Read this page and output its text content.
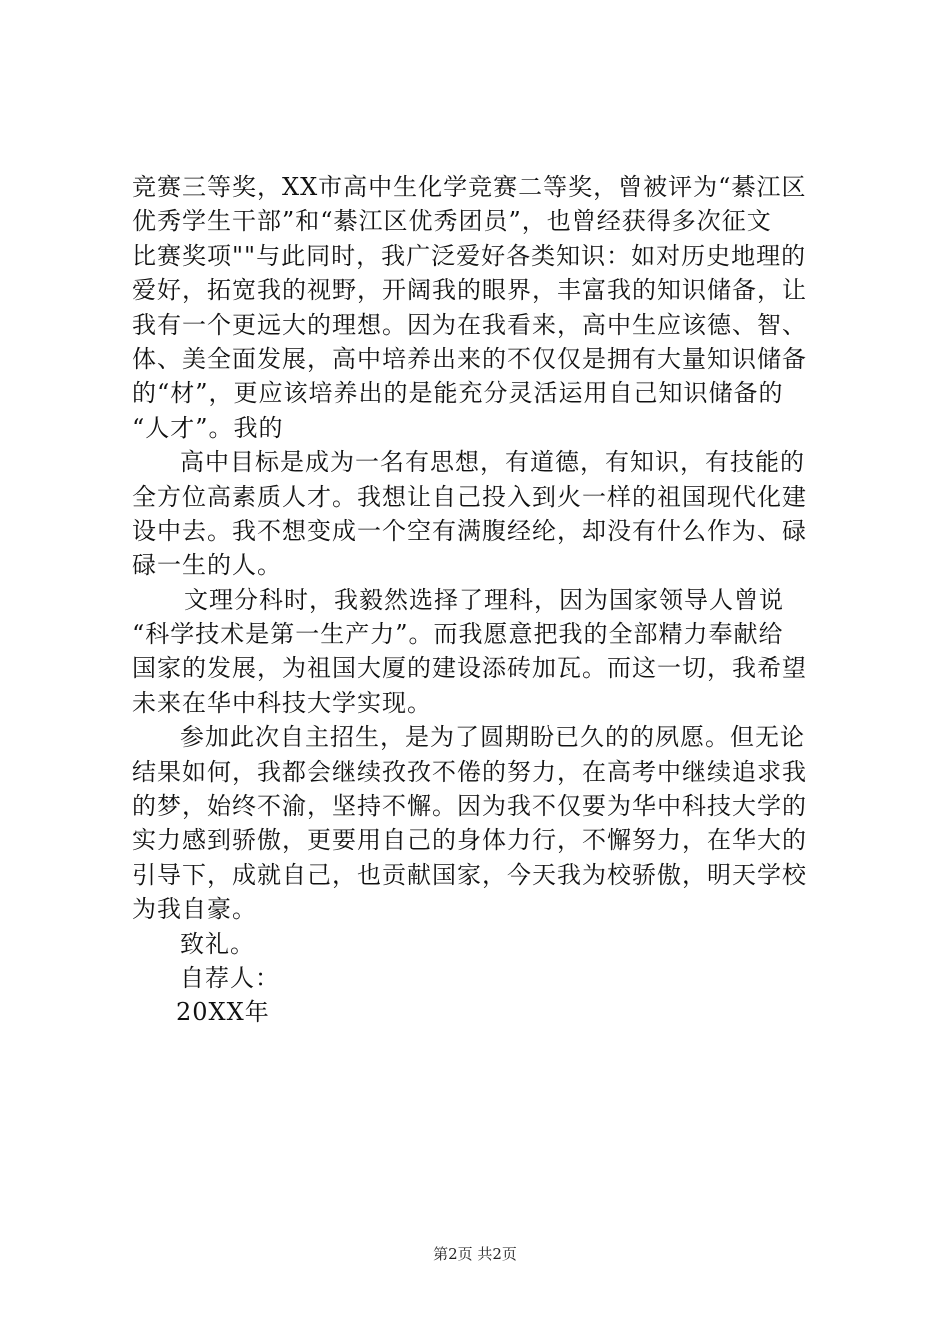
竞赛三等奖，XX市高中生化学竞赛二等奖，曾被评为“綦江区
优秀学生干部”和“綦江区优秀团员”，也曾经获得多次征文
比赛奖项""与此同时，我广泛爱好各类知识：如对历史地理的
爱好，拓宽我的视野，开阔我的眼界，丰富我的知识储备，让
我有一个更远大的理想。因为在我看来，高中生应该德、智、
体、美全面发展，高中培养出来的不仅仅是拥有大量知识储备
的“材”，更应该培养出的是能充分灵活运用自己知识储备的
“人才”。我的
高中目标是成为一名有思想，有道德，有知识，有技能的
全方位高素质人才。我想让自己投入到火一样的祖国现代化建
设中去。我不想变成一个空有满腹经纶，却没有什么作为、碌
碌一生的人。
文理分科时，我毅然选择了理科，因为国家领导人曾说
“科学技术是第一生产力”。而我愿意把我的全部精力奉献给
国家的发展，为祖国大厦的建设添砖加瓦。而这一切，我希望
未来在华中科技大学实现。
参加此次自主招生，是为了圆期盼已久的的夙愿。但无论
结果如何，我都会继续孜孜不倦的努力，在高考中继续追求我
的梦，始终不渝，坚持不懈。因为我不仅要为华中科技大学的
实力感到骄傲，更要用自己的身体力行，不懈努力，在华大的
引导下，成就自己，也贡献国家，今天我为校骄傲，明天学校
为我自豪。
致礼。
自荐人：
20XX年
第2页 共2页
